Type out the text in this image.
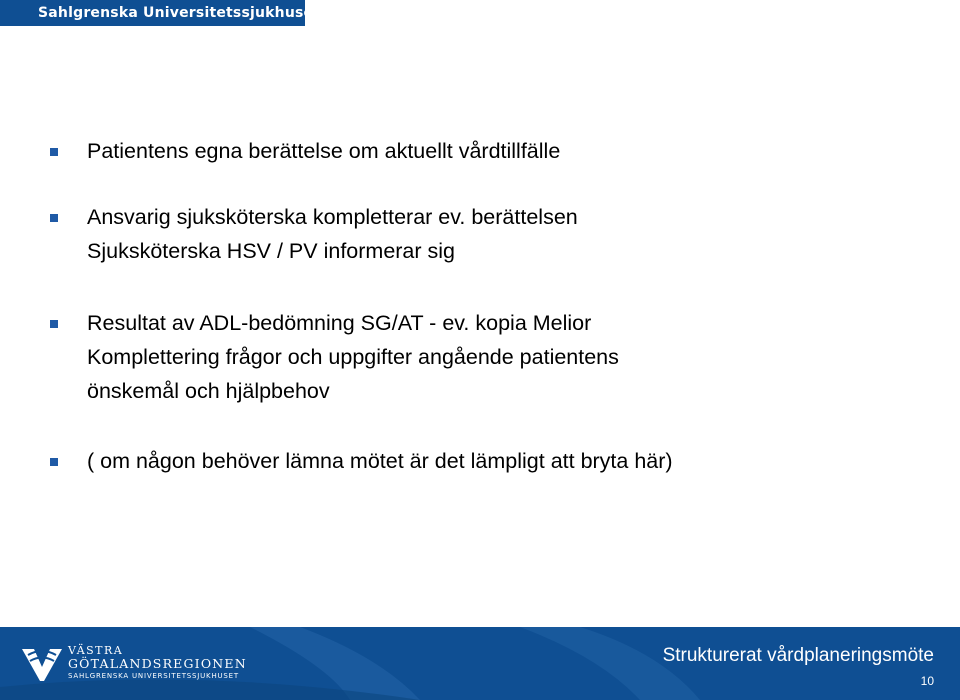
Sahlgrenska Universitetssjukhuset
Patientens egna berättelse om aktuellt vårdtillfälle
Ansvarig sjuksköterska kompletterar ev. berättelsen
Sjuksköterska HSV / PV informerar sig
Resultat av ADL-bedömning SG/AT - ev. kopia Melior
Komplettering frågor och uppgifter angående patientens
önskemål och hjälpbehov
( om någon behöver lämna mötet är det lämpligt att bryta här)
VÄSTRA
GÖTALANDSREGIONEN
SAHLGRENSKA UNIVERSITETSSJUKHUSET
Strukturerat vårdplaneringsmöte
10
